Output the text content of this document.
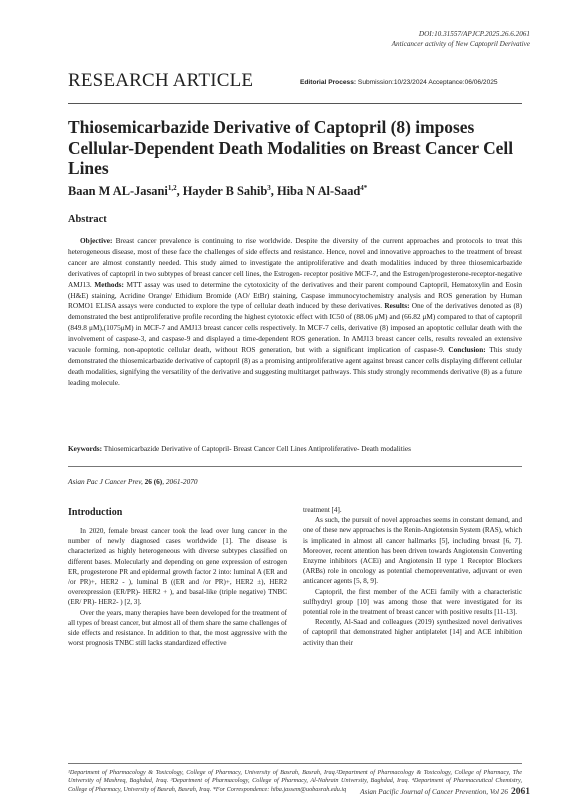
DOI:10.31557/APJCP.2025.26.6.2061
Anticancer activity of New Captopril Derivative
RESEARCH ARTICLE	Editorial Process: Submission:10/23/2024 Acceptance:06/06/2025
Thiosemicarbazide Derivative of Captopril (8) imposes Cellular-Dependent Death Modalities on Breast Cancer Cell Lines
Baan M AL-Jasani$^{1,2}$, Hayder B Sahib$^3$, Hiba N Al-Saad$^{4*}$
Abstract
Objective: Breast cancer prevalence is continuing to rise worldwide. Despite the diversity of the current approaches and protocols to treat this heterogeneous disease, most of these face the challenges of side effects and resistance. Hence, novel and innovative approaches to the treatment of breast cancer are almost constantly needed. This study aimed to investigate the antiproliferative and death modalities induced by three thiosemicarbazide derivatives of captopril in two subtypes of breast cancer cell lines, the Estrogen- receptor positive MCF-7, and the Estrogen/progesterone-receptor-negative AMJ13. Methods: MTT assay was used to determine the cytotoxicity of the derivatives and their parent compound Captopril, Hematoxylin and Eosin (H&E) staining, Acridine Orange/ Ethidium Bromide (AO/ EtBr) staining, Caspase immunocytochemistry analysis and ROS generation by Human ROMO1 ELISA assays were conducted to explore the type of cellular death induced by these derivatives. Results: One of the derivatives denoted as (8) demonstrated the best antiproliferative profile recording the highest cytotoxic effect with IC50 of (88.06 μM) and (66.82 μM) compared to that of captopril (849.8 μM),(1075μM) in MCF-7 and AMJ13 breast cancer cells respectively. In MCF-7 cells, derivative (8) imposed an apoptotic cellular death with the involvement of caspase-3, and caspase-9 and displayed a time-dependent ROS generation. In AMJ13 breast cancer cells, results revealed an extensive vacuole forming, non-apoptotic cellular death, without ROS generation, but with a significant implication of caspase-9. Conclusion: This study demonstrated the thiosemicarbazide derivative of captopril (8) as a promising antiproliferative agent against breast cancer cells displaying different cellular death modalities, signifying the versatility of the derivative and suggesting multitarget pathways. This study strongly recommends derivative (8) as a future leading molecule.
Keywords: Thiosemicarbazide Derivative of Captopril- Breast Cancer Cell Lines Antiproliferative- Death modalities
Asian Pac J Cancer Prev, 26 (6), 2061-2070
Introduction

In 2020, female breast cancer took the lead over lung cancer in the number of newly diagnosed cases worldwide [1]. The disease is characterized as highly heterogeneous with diverse subtypes classified on different bases. Molecularly and depending on gene expression of estrogen ER, progesterone PR and epidermal growth factor 2 into: luminal A (ER and /or PR)+, HER2 - ), luminal B ((ER and /or PR)+, HER2 ±), HER2 overexpression (ER/PR)- HER2 + ), and basal-like (triple negative) TNBC (ER/ PR)- HER2- ) [2, 3].

Over the years, many therapies have been developed for the treatment of all types of breast cancer, but almost all of them share the same challenges of side effects and resistance. In addition to that, the most aggressive with the worst prognosis TNBC still lacks standardized effective

treatment [4].

As such, the pursuit of novel approaches seems in constant demand, and one of these new approaches is the Renin-Angiotensin System (RAS), which is implicated in almost all cancer hallmarks [5], including breast [6, 7]. Moreover, recent attention has been driven towards Angiotensin Converting Enzyme inhibitors (ACEi) and Angiotensin II type 1 Receptor Blockers (ARBs) role in oncology as potential chemopreventative, adjuvant or even anticancer agents [5, 8, 9].

Captopril, the first member of the ACEi family with a characteristic sulfhydryl group [10] was among those that were investigated for its potential role in the treatment of breast cancer with positive results [11-13].

Recently, Al-Saad and colleagues (2019) synthesized novel derivatives of captopril that demonstrated higher antiplatelet [14] and ACE inhibition activity than their

¹Department of Pharmacology & Toxicology, College of Pharmacy, University of Basrah, Basrah, Iraq.²Department of Pharmacology & Toxicology, College of Pharmacy, The University of Mashreq, Baghdad, Iraq. ³Department of Pharmacology, College of Pharmacy, Al-Nahrain University, Baghdad, Iraq. ⁴Department of Pharmaceutical Chemistry, College of Pharmacy, University of Basrah, Basrah, Iraq. *For Correspondence: hiba.jassem@uobasrah.edu.iq	Asian Pacific Journal of Cancer Prevention, Vol 26 2061
